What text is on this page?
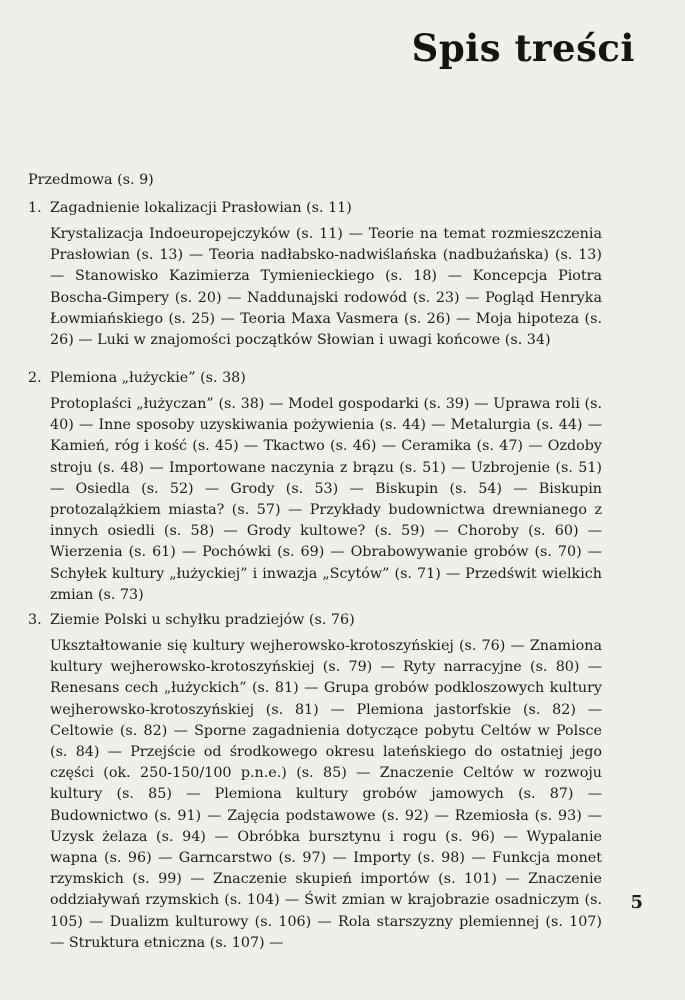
Spis treści
Przedmowa (s. 9)
1. Zagadnienie lokalizacji Prasłowian (s. 11)
Krystalizacja Indoeuropejczyków (s. 11) — Teorie na temat rozmieszczenia Prasłowian (s. 13) — Teoria nadłabsko-nadwiślańska (nadbużańska) (s. 13) — Stanowisko Kazimierza Tymienieckiego (s. 18) — Koncepcja Piotra Boscha-Gimpery (s. 20) — Naddunajski rodowód (s. 23) — Pogląd Henryka Łowmiańskiego (s. 25) — Teoria Maxa Vasmera (s. 26) — Moja hipoteza (s. 26) — Luki w znajomości początków Słowian i uwagi końcowe (s. 34)
2. Plemiona „łużyckie” (s. 38)
Protoplaści „łużyczan” (s. 38) — Model gospodarki (s. 39) — Uprawa roli (s. 40) — Inne sposoby uzyskiwania pożywienia (s. 44) — Metalurgia (s. 44) — Kamień, róg i kość (s. 45) — Tkactwo (s. 46) — Ceramika (s. 47) — Ozdoby stroju (s. 48) — Importowane naczynia z brązu (s. 51) — Uzbrojenie (s. 51) — Osiedla (s. 52) — Grody (s. 53) — Biskupin (s. 54) — Biskupin protozalążkiem miasta? (s. 57) — Przykłady budownictwa drewnianego z innych osiedli (s. 58) — Grody kultowe? (s. 59) — Choroby (s. 60) — Wierzenia (s. 61) — Pochówki (s. 69) — Obrabowywanie grobów (s. 70) — Schyłek kultury „łużyckiej” i inwazja „Scytów” (s. 71) — Przedświt wielkich zmian (s. 73)
3. Ziemie Polski u schyłku pradziejów (s. 76)
Ukształtowanie się kultury wejherowsko-krotoszyńskiej (s. 76) — Znamiona kultury wejherowsko-krotoszyńskiej (s. 79) — Ryty narracyjne (s. 80) — Renesans cech „łużyckich” (s. 81) — Grupa grobów podkloszowych kultury wejherowsko-krotoszyńskiej (s. 81) — Plemiona jastorfskie (s. 82) — Celtowie (s. 82) — Sporne zagadnienia dotyczące pobytu Celtów w Polsce (s. 84) — Przejście od środkowego okresu lateńskiego do ostatniej jego części (ok. 250-150/100 p.n.e.) (s. 85) — Znaczenie Celtów w rozwoju kultury (s. 85) — Plemiona kultury grobów jamowych (s. 87) — Budownictwo (s. 91) — Zajęcia podstawowe (s. 92) — Rzemiosła (s. 93) — Uzysk żelaza (s. 94) — Obróbka bursztynu i rogu (s. 96) — Wypalanie wapna (s. 96) — Garncarstwo (s. 97) — Importy (s. 98) — Funkcja monet rzymskich (s. 99) — Znaczenie skupień importów (s. 101) — Znaczenie oddziaływań rzymskich (s. 104) — Świt zmian w krajobrazie osadniczym (s. 105) — Dualizm kulturowy (s. 106) — Rola starszyzny plemiennej (s. 107) — Struktura etniczna (s. 107) —
5
